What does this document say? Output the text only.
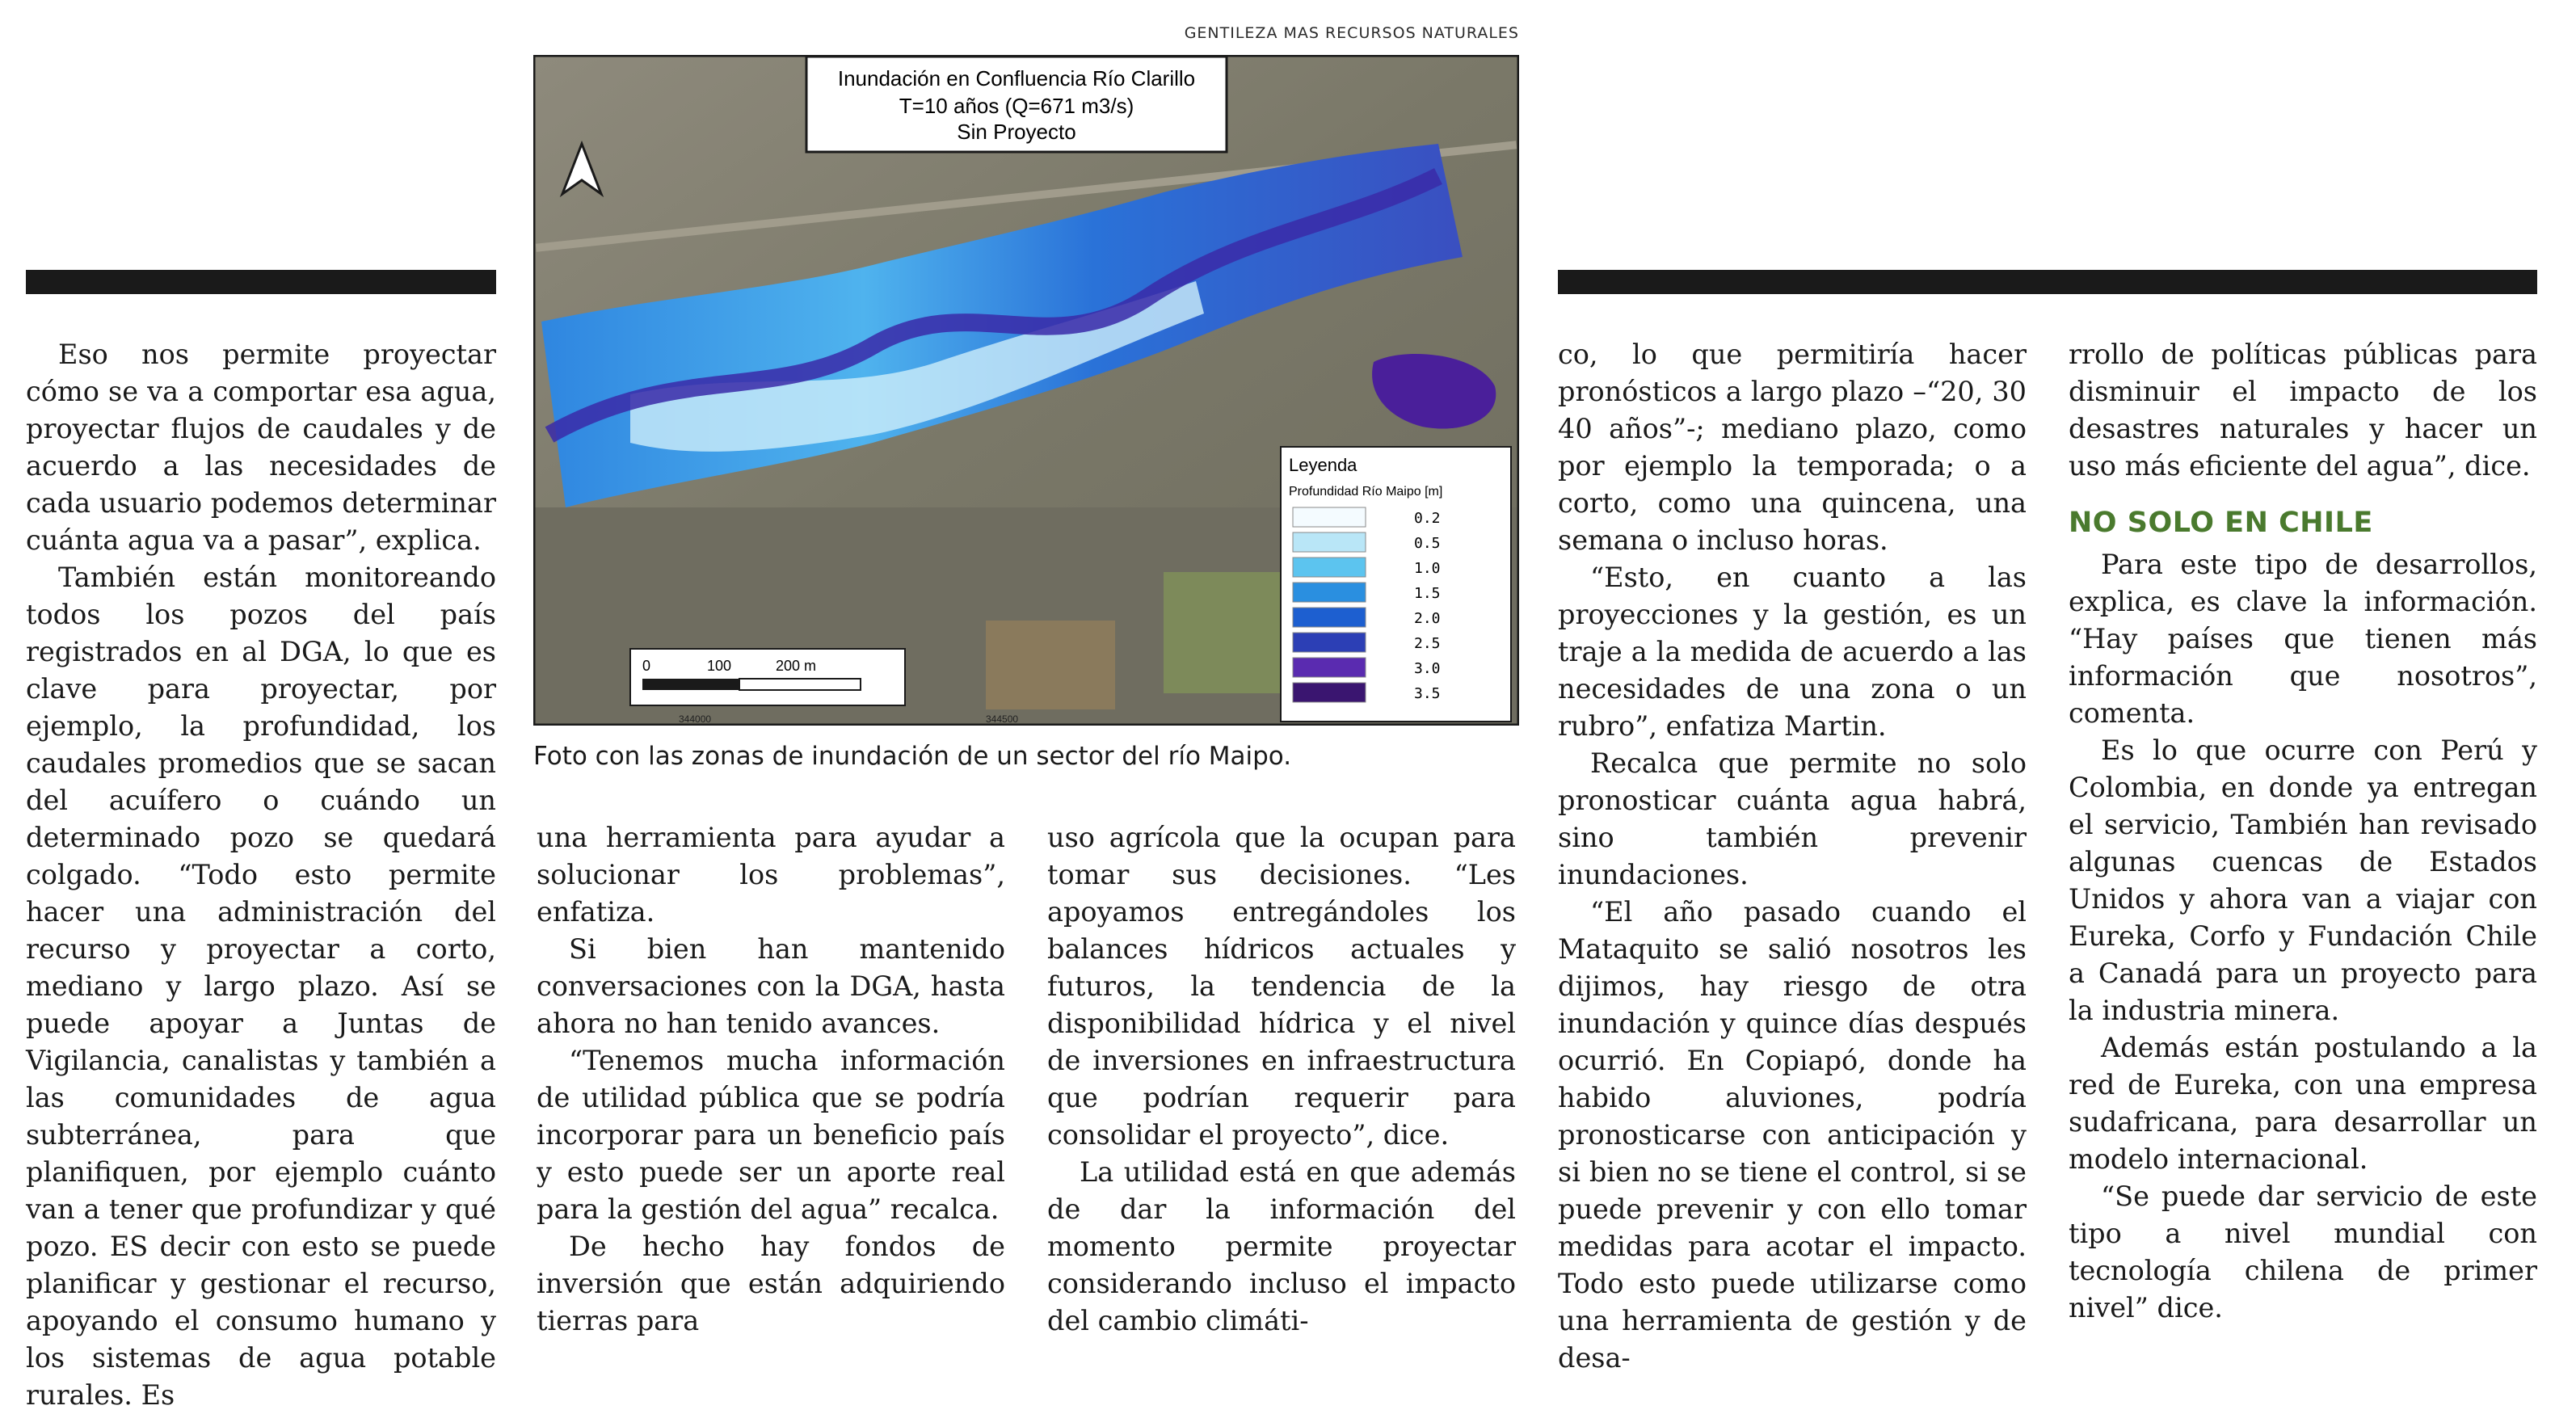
GENTILEZA MAS RECURSOS NATURALES
Inundación en Confluencia Río Clarillo
T=10 años (Q=671 m3/s)
Sin Proyecto
0	100	200 m
344000	344500
Leyenda
Profundidad Río Maipo [m]
0.2
0.5
1.0
1.5
2.0
2.5
3.0
3.5
Foto con las zonas de inundación de un sector del río Maipo.

Eso nos permite proyectar cómo se va a comportar esa agua, proyectar flujos de caudales y de acuerdo a las necesidades de cada usuario podemos determinar cuánta agua va a pasar”, explica.

También están monitoreando todos los pozos del país registrados en al DGA, lo que es clave para proyectar, por ejemplo, la profundidad, los caudales promedios que se sacan del acuífero o cuándo un determinado pozo se quedará colgado. “Todo esto permite hacer una administración del recurso y proyectar a corto, mediano y largo plazo. Así se puede apoyar a Juntas de Vigilancia, canalistas y también a las comunidades de agua subterránea, para que planifiquen, por ejemplo cuánto van a tener que profundizar y qué pozo. ES decir con esto se puede planificar y gestionar el recurso, apoyando el consumo humano y los sistemas de agua potable rurales. Es

una herramienta para ayudar a solucionar los problemas”, enfatiza.

Si bien han mantenido conversaciones con la DGA, hasta ahora no han tenido avances.

“Tenemos mucha información de utilidad pública que se podría incorporar para un beneficio país y esto puede ser un aporte real para la gestión del agua” recalca.

De hecho hay fondos de inversión que están adquiriendo tierras para

uso agrícola que la ocupan para tomar sus decisiones. “Les apoyamos entregándoles los balances hídricos actuales y futuros, la tendencia de la disponibilidad hídrica y el nivel de inversiones en infraestructura que podrían requerir para consolidar el proyecto”, dice.

La utilidad está en que además de dar la información del momento permite proyectar considerando incluso el impacto del cambio climáti-

co, lo que permitiría hacer pronósticos a largo plazo –“20, 30 40 años”-; mediano plazo, como por ejemplo la temporada; o a corto, como una quincena, una semana o incluso horas.

“Esto, en cuanto a las proyecciones y la gestión, es un traje a la medida de acuerdo a las necesidades de una zona o un rubro”, enfatiza Martin.

Recalca que permite no solo pronosticar cuánta agua habrá, sino también prevenir inundaciones.

“El año pasado cuando el Mataquito se salió nosotros les dijimos, hay riesgo de otra inundación y quince días después ocurrió. En Copiapó, donde ha habido aluviones, podría pronosticarse con anticipación y si bien no se tiene el control, si se puede prevenir y con ello tomar medidas para acotar el impacto. Todo esto puede utilizarse como una herramienta de gestión y de desa-

rrollo de políticas públicas para disminuir el impacto de los desastres naturales y hacer un uso más eficiente del agua”, dice.

NO SOLO EN CHILE

Para este tipo de desarrollos, explica, es clave la información. “Hay países que tienen más información que nosotros”, comenta.

Es lo que ocurre con Perú y Colombia, en donde ya entregan el servicio, También han revisado algunas cuencas de Estados Unidos y ahora van a viajar con Eureka, Corfo y Fundación Chile a Canadá para un proyecto para la industria minera.

Además están postulando a la red de Eureka, con una empresa sudafricana, para desarrollar un modelo internacional.

“Se puede dar servicio de este tipo a nivel mundial con tecnología chilena de primer nivel” dice.
